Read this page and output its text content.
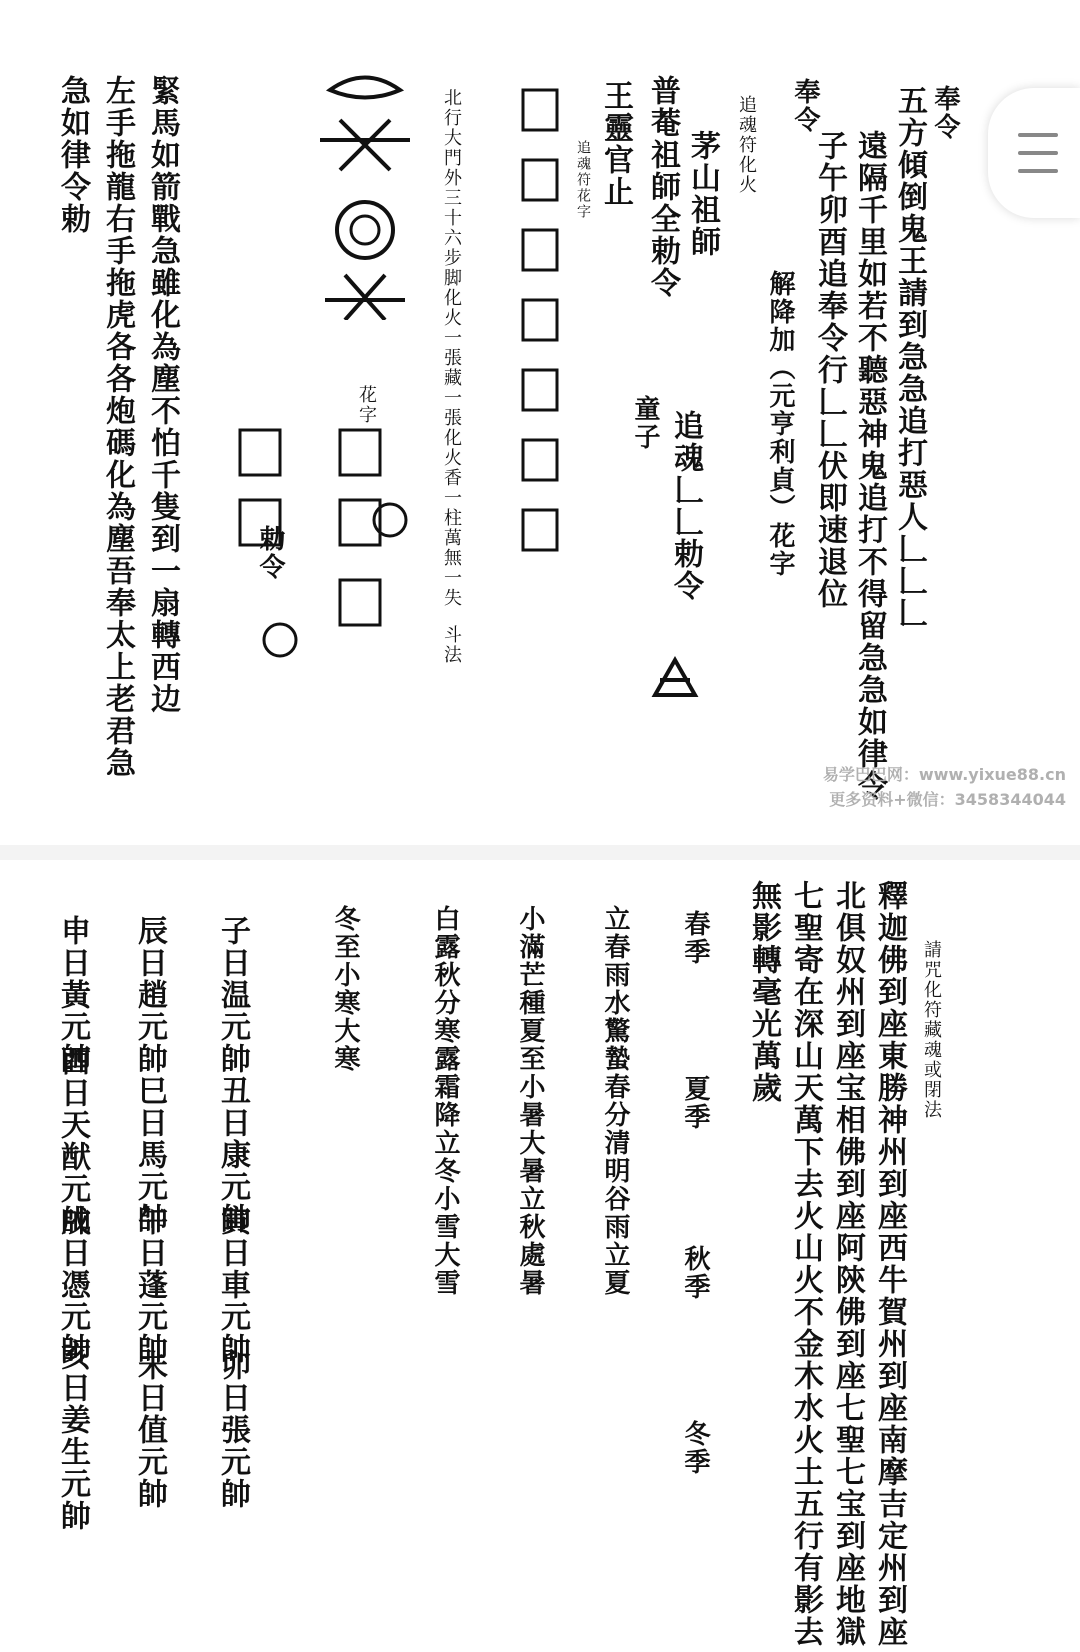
奉令
五方傾倒鬼王請到急急追打惡人𠃊𠃊𠃊
遠隔千里如若不聽惡神鬼追打不得留急急如律令
子午卯酉追奉令行𠃊𠃊伏即速退位
奉令
解降加（元亨利貞）花字
追魂符化火
茅山祖師
普菴祖師全勅令
追魂𠃊𠃊勅令
童子
王靈官止
追魂符花字
北行大門外三十六步脚化火一張藏一張化火香一柱萬無一失
斗法
花字
勅令
緊馬如箭戰急雖化為塵不怕千隻到一扇轉西边
左手拖龍右手拖虎各各炮碼化為塵吾奉太上老君急
急如律令勅
易学巴巴网：www.yixue88.cn
更多资料+微信：3458344044
請咒化符藏魂或閉法
釋迦佛到座東勝神州到座西牛賀州到座南摩吉定州到座
北俱奴州到座宝相佛到座阿陝佛到座七聖七宝到座地獄
七聖寄在深山天萬下去火山火不金木水火土五行有影去
無影轉毫光萬歲
春季
夏季
秋季
冬季
立春雨水驚蟄春分清明谷雨立夏
小滿芒種夏至小暑大暑立秋處暑
白露秋分寒露霜降立冬小雪大雪
冬至小寒大寒
子日温元帥
丑日康元帥
寅日車元帥
卯日張元帥
辰日趙元帥
巳日馬元帥
午日蓬元帥
未日值元帥
申日黃元帥
酉日天猷元帥
戌日憑元帥
亥日姜生元帥
